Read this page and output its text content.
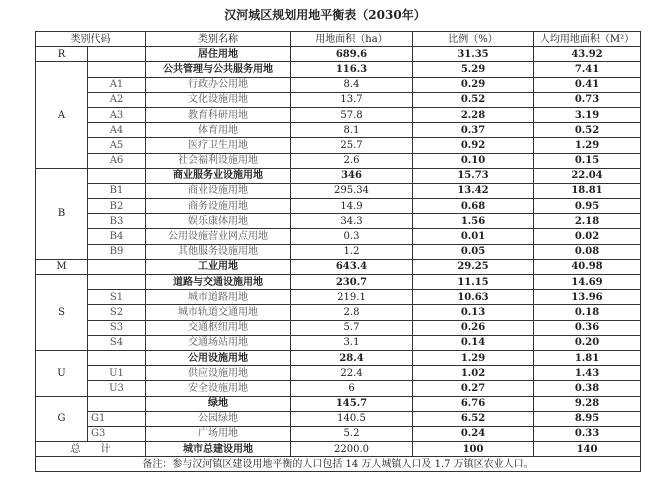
汉河城区规划用地平衡表（2030年）
类别代码		类别名称	用地面积（ha）	比例（%）	人均用地面积（M²）
R		居住用地	689.6	31.35	43.92
A		公共管理与公共服务用地	116.3	5.29	7.41
	A1	行政办公用地	8.4	0.29	0.41
	A2	文化设施用地	13.7	0.52	0.73
	A3	教育科研用地	57.8	2.28	3.19
	A4	体育用地	8.1	0.37	0.52
	A5	医疗卫生用地	25.7	0.92	1.29
	A6	社会福利设施用地	2.6	0.10	0.15
B		商业服务业设施用地	346	15.73	22.04
	B1	商业设施用地	295.34	13.42	18.81
	B2	商务设施用地	14.9	0.68	0.95
	B3	娱乐康体用地	34.3	1.56	2.18
	B4	公用设施营业网点用地	0.3	0.01	0.02
	B9	其他服务设施用地	1.2	0.05	0.08
M		工业用地	643.4	29.25	40.98
S		道路与交通设施用地	230.7	11.15	14.69
	S1	城市道路用地	219.1	10.63	13.96
	S2	城市轨道交通用地	2.8	0.13	0.18
	S3	交通枢纽用地	5.7	0.26	0.36
	S4	交通场站用地	3.1	0.14	0.20
U		公用设施用地	28.4	1.29	1.81
	U1	供应设施用地	22.4	1.02	1.43
	U3	安全设施用地	6	0.27	0.38
G		绿地	145.7	6.76	9.28
	G1	公园绿地	140.5	6.52	8.95
	G3	广场用地	5.2	0.24	0.33
总　　计		城市总建设用地	2200.0	100	140
备注：参与汉河镇区建设用地平衡的人口包括 14 万人城镇人口及 1.7 万镇区农业人口。					
